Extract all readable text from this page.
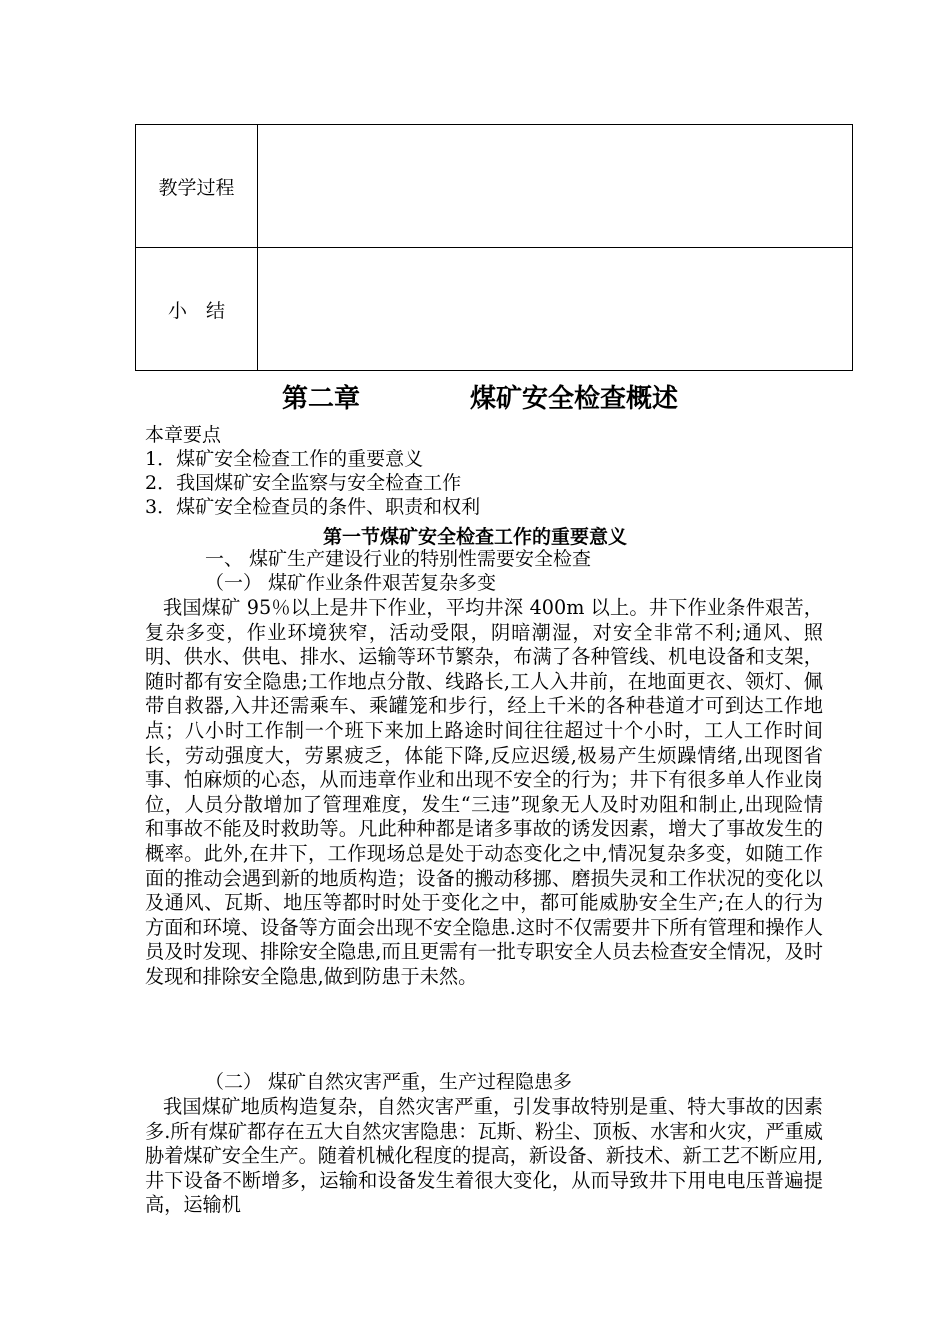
教学过程	
小　结	
第二章	煤矿安全检查概述
本章要点
1．煤矿安全检查工作的重要意义
2．我国煤矿安全监察与安全检查工作
3．煤矿安全检查员的条件、职责和权利
第一节煤矿安全检查工作的重要意义
一、 煤矿生产建设行业的特别性需要安全检查
（一） 煤矿作业条件艰苦复杂多变

我国煤矿 95％以上是井下作业，平均井深 400m 以上。井下作业条件艰苦，复杂多变，作业环境狭窄，活动受限，阴暗潮湿，对安全非常不利;通风、照明、供水、供电、排水、运输等环节繁杂，布满了各种管线、机电设备和支架，随时都有安全隐患;工作地点分散、线路长,工人入井前，在地面更衣、领灯、佩带自救器,入井还需乘车、乘罐笼和步行，经上千米的各种巷道才可到达工作地点；八小时工作制一个班下来加上路途时间往往超过十个小时，工人工作时间长，劳动强度大，劳累疲乏，体能下降,反应迟缓,极易产生烦躁情绪,出现图省事、怕麻烦的心态，从而违章作业和出现不安全的行为；井下有很多单人作业岗位，人员分散增加了管理难度，发生“三违”现象无人及时劝阻和制止,出现险情和事故不能及时救助等。凡此种种都是诸多事故的诱发因素，增大了事故发生的概率。此外,在井下，工作现场总是处于动态变化之中,情况复杂多变，如随工作面的推动会遇到新的地质构造；设备的搬动移挪、磨损失灵和工作状况的变化以及通风、瓦斯、地压等都时时处于变化之中，都可能威胁安全生产;在人的行为方面和环境、设备等方面会出现不安全隐患.这时不仅需要井下所有管理和操作人员及时发现、排除安全隐患,而且更需有一批专职安全人员去检查安全情况，及时发现和排除安全隐患,做到防患于未然。

（二） 煤矿自然灾害严重，生产过程隐患多

我国煤矿地质构造复杂，自然灾害严重，引发事故特别是重、特大事故的因素多.所有煤矿都存在五大自然灾害隐患：瓦斯、粉尘、顶板、水害和火灾，严重威胁着煤矿安全生产。随着机械化程度的提高，新设备、新技术、新工艺不断应用,井下设备不断增多，运输和设备发生着很大变化，从而导致井下用电电压普遍提高，运输机
